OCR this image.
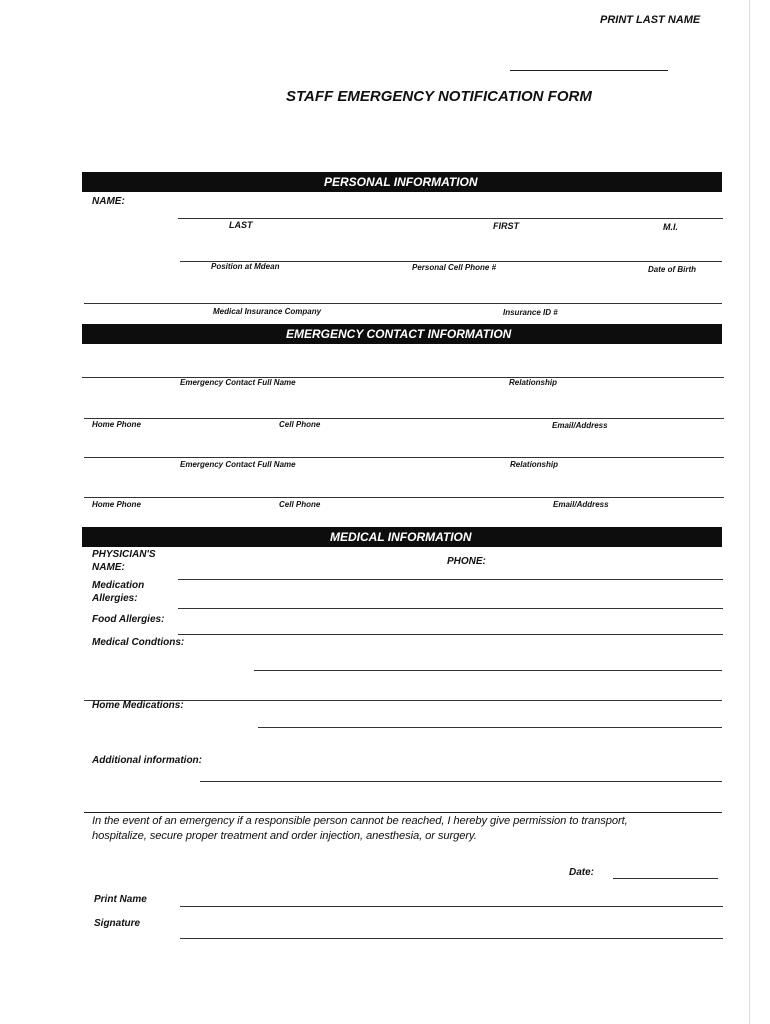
PRINT LAST NAME
STAFF EMERGENCY NOTIFICATION FORM
PERSONAL INFORMATION
NAME:
LAST	FIRST	M.I.
Position at Mdean	Personal Cell Phone #	Date of Birth
Medical Insurance Company	Insurance ID #
EMERGENCY CONTACT INFORMATION
Emergency Contact Full Name	Relationship
Home Phone	Cell Phone	Email/Address
Emergency Contact Full Name	Relationship
Home Phone	Cell Phone	Email/Address
MEDICAL INFORMATION
PHYSICIAN'S
NAME:
PHONE:
Medication
Allergies:
Food Allergies:
Medical Condtions:
Home Medications:
Additional information:
In the event of an emergency if a responsible person cannot be reached, I hereby give permission to transport,
hospitalize, secure proper treatment and order injection, anesthesia, or surgery.
Date:
Print Name
Signature
